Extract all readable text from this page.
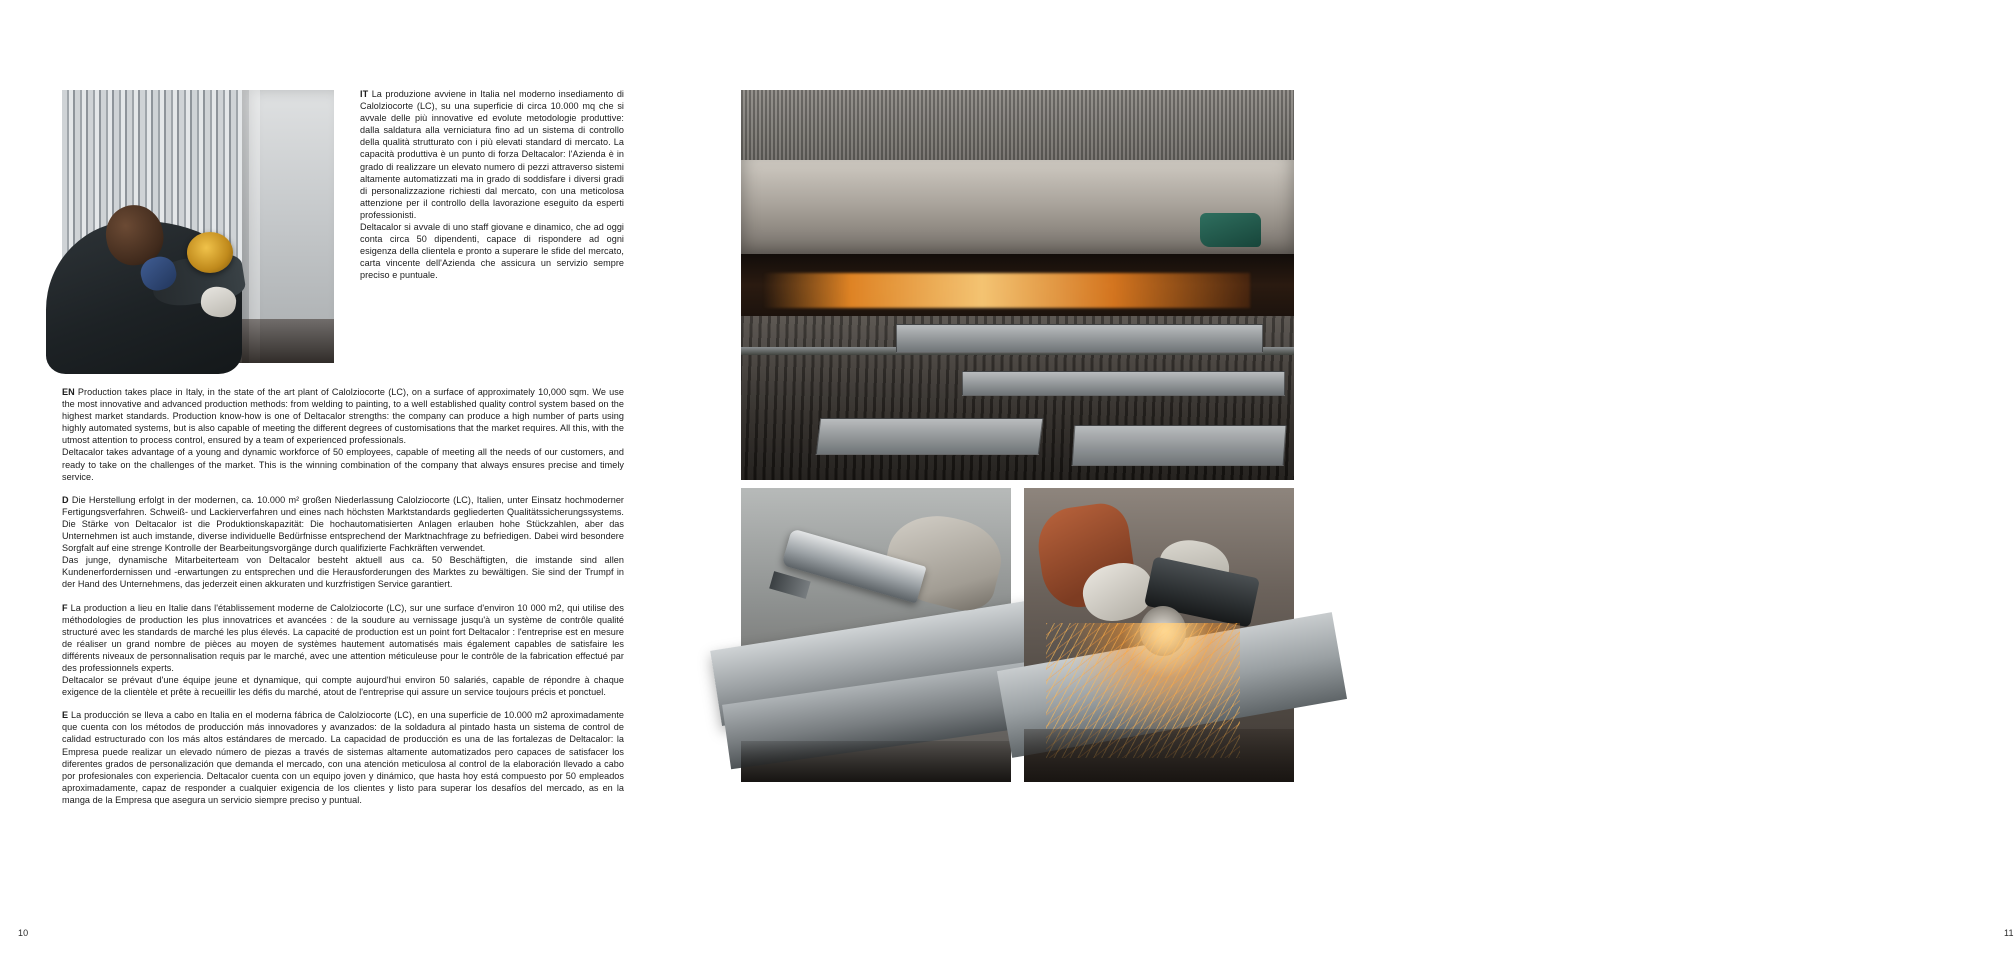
IT La produzione avviene in Italia nel moderno insediamento di Calolziocorte (LC), su una superficie di circa 10.000 mq che si avvale delle più innovative ed evolute metodologie produttive: dalla saldatura alla verniciatura fino ad un sistema di controllo della qualità strutturato con i più elevati standard di mercato. La capacità produttiva è un punto di forza Deltacalor: l'Azienda è in grado di realizzare un elevato numero di pezzi attraverso sistemi altamente automatizzati ma in grado di soddisfare i diversi gradi di personalizzazione richiesti dal mercato, con una meticolosa attenzione per il controllo della lavorazione eseguito da esperti professionisti.

Deltacalor si avvale di uno staff giovane e dinamico, che ad oggi conta circa 50 dipendenti, capace di rispondere ad ogni esigenza della clientela e pronto a superare le sfide del mercato, carta vincente dell'Azienda che assicura un servizio sempre preciso e puntuale.

EN Production takes place in Italy, in the state of the art plant of Calolziocorte (LC), on a surface of approximately 10,000 sqm. We use the most innovative and advanced production methods: from welding to painting, to a well established quality control system based on the highest market standards. Production know-how is one of Deltacalor strengths: the company can produce a high number of parts using highly automated systems, but is also capable of meeting the different degrees of customisations that the market requires. All this, with the utmost attention to process control, ensured by a team of experienced professionals.

Deltacalor takes advantage of a young and dynamic workforce of 50 employees, capable of meeting all the needs of our customers, and ready to take on the challenges of the market. This is the winning combination of the company that always ensures precise and timely service.

D Die Herstellung erfolgt in der modernen, ca. 10.000 m² großen Niederlassung Calolziocorte (LC), Italien, unter Einsatz hochmoderner Fertigungsverfahren. Schweiß- und Lackierverfahren und eines nach höchsten Marktstandards gegliederten Qualitätssicherungssystems. Die Stärke von Deltacalor ist die Produktionskapazität: Die hochautomatisierten Anlagen erlauben hohe Stückzahlen, aber das Unternehmen ist auch imstande, diverse individuelle Bedürfnisse entsprechend der Marktnachfrage zu befriedigen. Dabei wird besondere Sorgfalt auf eine strenge Kontrolle der Bearbeitungsvorgänge durch qualifizierte Fachkräften verwendet.

Das junge, dynamische Mitarbeiterteam von Deltacalor besteht aktuell aus ca. 50 Beschäftigten, die imstande sind allen Kundenerfordernissen und -erwartungen zu entsprechen und die Herausforderungen des Marktes zu bewältigen. Sie sind der Trumpf in der Hand des Unternehmens, das jederzeit einen akkuraten und kurzfristigen Service garantiert.

F La production a lieu en Italie dans l'établissement moderne de Calolziocorte (LC), sur une surface d'environ 10 000 m2, qui utilise des méthodologies de production les plus innovatrices et avancées : de la soudure au vernissage jusqu'à un système de contrôle qualité structuré avec les standards de marché les plus élevés. La capacité de production est un point fort Deltacalor : l'entreprise est en mesure de réaliser un grand nombre de pièces au moyen de systèmes hautement automatisés mais également capables de satisfaire les différents niveaux de personnalisation requis par le marché, avec une attention méticuleuse pour le contrôle de la fabrication effectué par des professionnels experts.

Deltacalor se prévaut d'une équipe jeune et dynamique, qui compte aujourd'hui environ 50 salariés, capable de répondre à chaque exigence de la clientèle et prête à recueillir les défis du marché, atout de l'entreprise qui assure un service toujours précis et ponctuel.

E La producción se lleva a cabo en Italia en el moderna fábrica de Calolziocorte (LC), en una superficie de 10.000 m2 aproximadamente que cuenta con los métodos de producción más innovadores y avanzados: de la soldadura al pintado hasta un sistema de control de calidad estructurado con los más altos estándares de mercado. La capacidad de producción es una de las fortalezas de Deltacalor: la Empresa puede realizar un elevado número de piezas a través de sistemas altamente automatizados pero capaces de satisfacer los diferentes grados de personalización que demanda el mercado, con una atención meticulosa al control de la elaboración llevado a cabo por profesionales con experiencia. Deltacalor cuenta con un equipo joven y dinámico, que hasta hoy está compuesto por 50 empleados aproximadamente, capaz de responder a cualquier exigencia de los clientes y listo para superar los desafíos del mercado, as en la manga de la Empresa que asegura un servicio siempre preciso y puntual.

10	11
